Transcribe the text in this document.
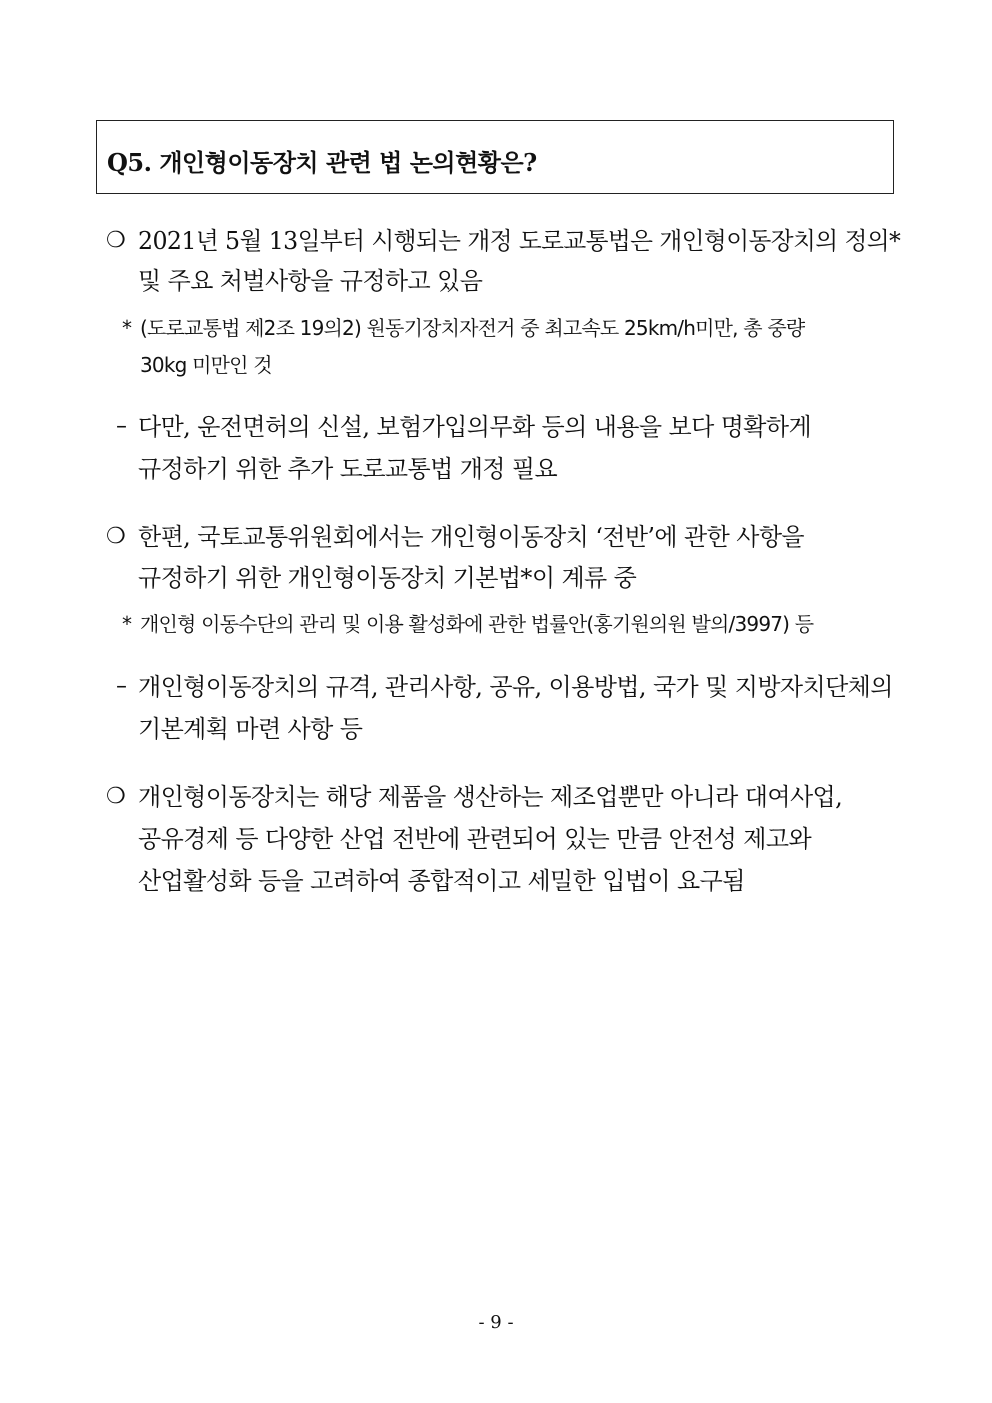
Q5. 개인형이동장치 관련 법 논의현황은?
❍ 2021년 5월 13일부터 시행되는 개정 도로교통법은 개인형이동장치의 정의*
및 주요 처벌사항을 규정하고 있음
* (도로교통법 제2조 19의2) 원동기장치자전거 중 최고속도 25km/h미만, 총 중량
30kg 미만인 것
– 다만, 운전면허의 신설, 보험가입의무화 등의 내용을 보다 명확하게
규정하기 위한 추가 도로교통법 개정 필요
❍ 한편, 국토교통위원회에서는 개인형이동장치 ‘전반’에 관한 사항을
규정하기 위한 개인형이동장치 기본법*이 계류 중
* 개인형 이동수단의 관리 및 이용 활성화에 관한 법률안(홍기원의원 발의/3997) 등
– 개인형이동장치의 규격, 관리사항, 공유, 이용방법, 국가 및 지방자치단체의
기본계획 마련 사항 등
❍ 개인형이동장치는 해당 제품을 생산하는 제조업뿐만 아니라 대여사업,
공유경제 등 다양한 산업 전반에 관련되어 있는 만큼 안전성 제고와
산업활성화 등을 고려하여 종합적이고 세밀한 입법이 요구됨
- 9 -
